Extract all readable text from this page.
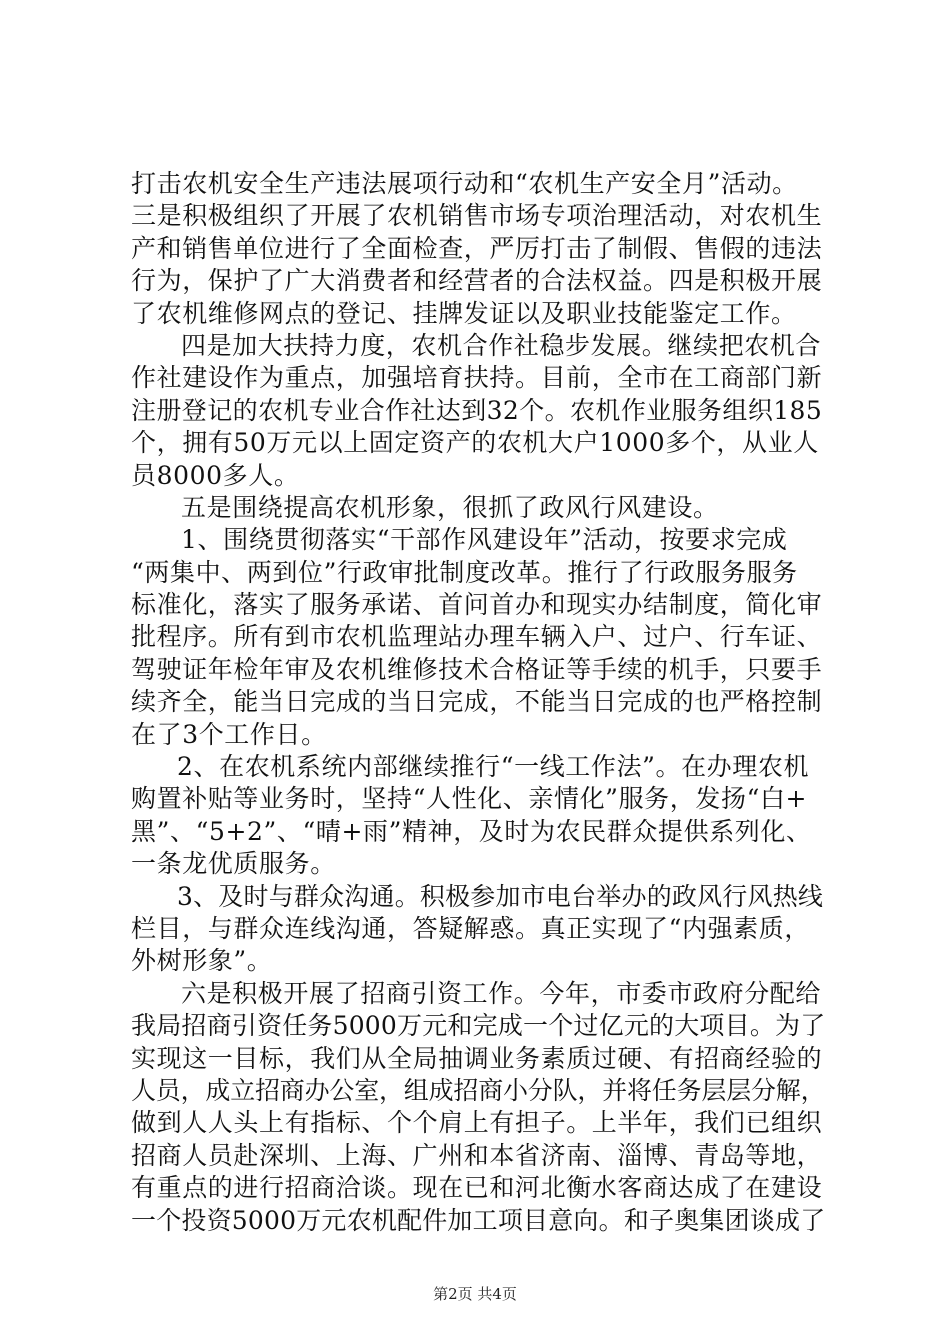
打击农机安全生产违法展项行动和“农机生产安全月”活动。
三是积极组织了开展了农机销售市场专项治理活动，对农机生
产和销售单位进行了全面检查，严厉打击了制假、售假的违法
行为，保护了广大消费者和经营者的合法权益。四是积极开展
了农机维修网点的登记、挂牌发证以及职业技能鉴定工作。
四是加大扶持力度，农机合作社稳步发展。继续把农机合
作社建设作为重点，加强培育扶持。目前，全市在工商部门新
注册登记的农机专业合作社达到32个。农机作业服务组织185
个，拥有50万元以上固定资产的农机大户1000多个，从业人
员8000多人。
五是围绕提高农机形象，很抓了政风行风建设。
1、围绕贯彻落实“干部作风建设年”活动，按要求完成
“两集中、两到位”行政审批制度改革。推行了行政服务服务
标准化，落实了服务承诺、首问首办和现实办结制度，简化审
批程序。所有到市农机监理站办理车辆入户、过户、行车证、
驾驶证年检年审及农机维修技术合格证等手续的机手，只要手
续齐全，能当日完成的当日完成，不能当日完成的也严格控制
在了3个工作日。
2、在农机系统内部继续推行“一线工作法”。在办理农机
购置补贴等业务时，坚持“人性化、亲情化”服务，发扬“白+
黑”、“5+2”、“晴+雨”精神，及时为农民群众提供系列化、
一条龙优质服务。
3、及时与群众沟通。积极参加市电台举办的政风行风热线
栏目，与群众连线沟通，答疑解惑。真正实现了“内强素质，
外树形象”。
六是积极开展了招商引资工作。今年，市委市政府分配给
我局招商引资任务5000万元和完成一个过亿元的大项目。为了
实现这一目标，我们从全局抽调业务素质过硬、有招商经验的
人员，成立招商办公室，组成招商小分队，并将任务层层分解，
做到人人头上有指标、个个肩上有担子。上半年，我们已组织
招商人员赴深圳、上海、广州和本省济南、淄博、青岛等地，
有重点的进行招商洽谈。现在已和河北衡水客商达成了在建设
一个投资5000万元农机配件加工项目意向。和子奥集团谈成了
第2页 共4页
